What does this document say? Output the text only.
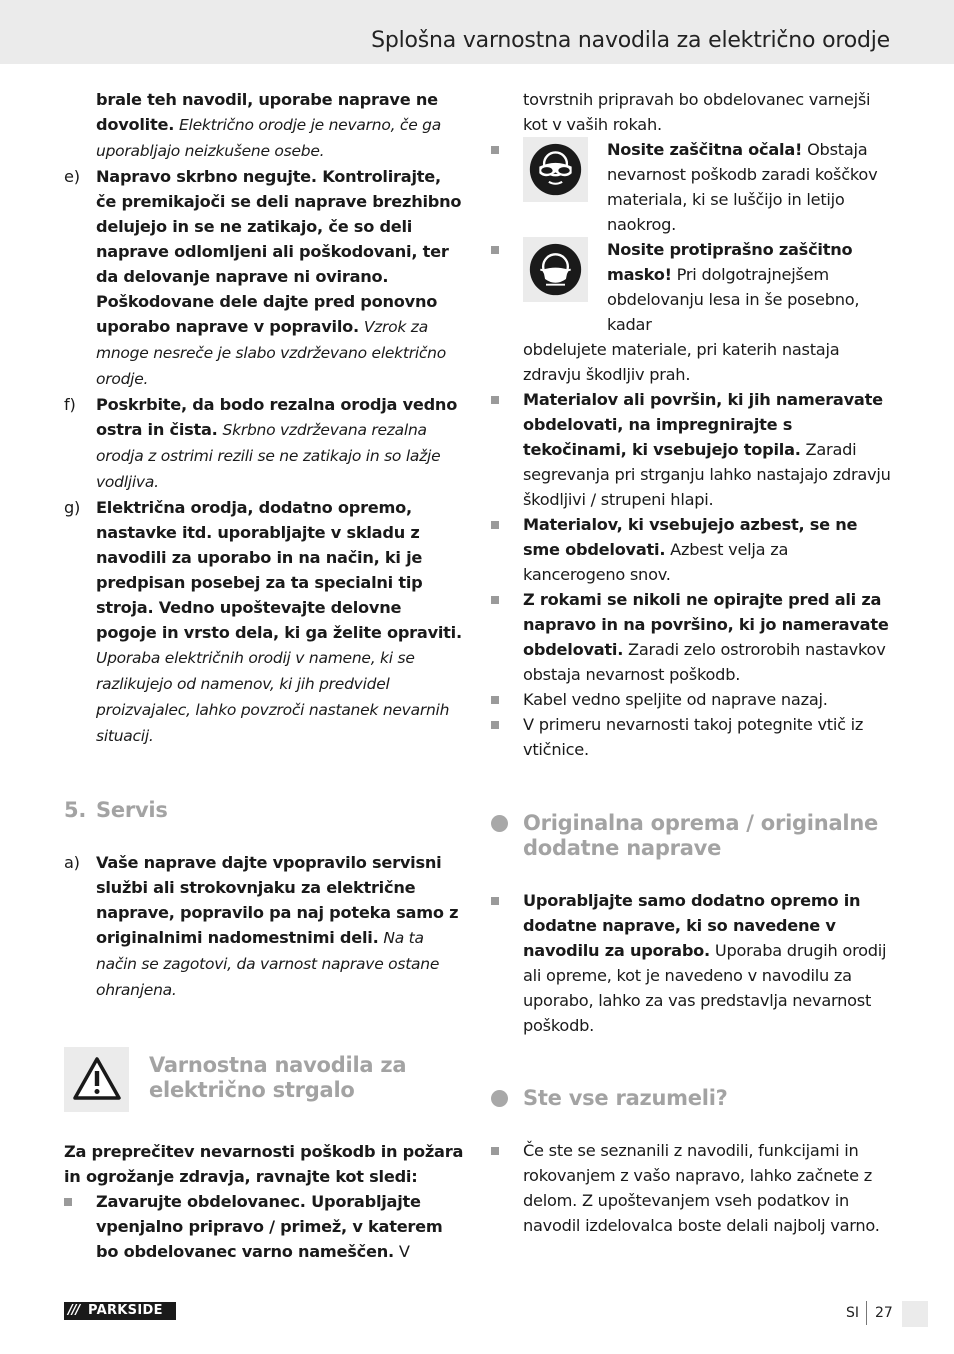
Splošna varnostna navodila za električno orodje
brale teh navodil, uporabe naprave ne dovolite. Električno orodje je nevarno, če ga uporabljajo neizkušene osebe.
e)	Napravo skrbno negujte. Kontrolirajte, če premikajoči se deli naprave brezhibno delujejo in se ne zatikajo, če so deli naprave odlomljeni ali poškodovani, ter da delovanje naprave ni ovirano. Poškodovane dele dajte pred ponovno uporabo naprave v popravilo. Vzrok za mnoge nesreče je slabo vzdrževano električno orodje.
f)	Poskrbite, da bodo rezalna orodja vedno ostra in čista. Skrbno vzdrževana rezalna orodja z ostrimi rezili se ne zatikajo in so lažje vodljiva.
g) Električna orodja, dodatno opremo, nastavke itd. uporabljajte v skladu z navodili za uporabo in na način, ki je predpisan posebej za ta specialni tip stroja. Vedno upoštevajte delovne pogoje in vrsto dela, ki ga želite opraviti. Uporaba električnih orodij v namene, ki se razlikujejo od namenov, ki jih predvidel proizvajalec, lahko povzroči nastanek nevarnih situacij.
5. Servis
a)	Vaše naprave dajte vpopravilo servisni službi ali strokovnjaku za električne naprave, popravilo pa naj poteka samo z originalnimi nadomestnimi deli. Na ta način se zagotovi, da varnost naprave ostane ohranjena.
Varnostna navodila za električno strgalo
Za preprečitev nevarnosti poškodb in požara in ogrožanje zdravja, ravnajte kot sledi:
Zavarujte obdelovanec. Uporabljajte vpenjalno pripravo / primež, v katerem bo obdelovanec varno nameščen. V
tovrstnih pripravah bo obdelovanec varnejši kot v vaših rokah.
Nosite zaščitna očala! Obstaja nevarnost poškodb zaradi koščkov materiala, ki se luščijo in letijo naokrog.
Nosite protiprašno zaščitno masko! Pri dolgotrajnejšem obdelovanju lesa in še posebno, kadar
obdelujete materiale, pri katerih nastaja zdravju škodljiv prah.
Materialov ali površin, ki jih nameravate obdelovati, na impregnirajte s tekočinami, ki vsebujejo topila. Zaradi segrevanja pri strganju lahko nastajajo zdravju škodljivi / strupeni hlapi.
Materialov, ki vsebujejo azbest, se ne sme obdelovati. Azbest velja za kancerogeno snov.
Z rokami se nikoli ne opirajte pred ali za napravo in na površino, ki jo nameravate obdelovati. Zaradi zelo ostrorobih nastavkov obstaja nevarnost poškodb.
Kabel vedno speljite od naprave nazaj.
V primeru nevarnosti takoj potegnite vtič iz vtičnice.
Originalna oprema / originalne dodatne naprave
Uporabljajte samo dodatno opremo in dodatne naprave, ki so navedene v navodilu za uporabo. Uporaba drugih orodij ali opreme, kot je navedeno v navodilu za uporabo, lahko za vas predstavlja nevarnost poškodb.
Ste vse razumeli?
Če ste se seznanili z navodili, funkcijami in rokovanjem z vašo napravo, lahko začnete z delom. Z upoštevanjem vseh podatkov in navodil izdelovalca boste delali najbolj varno.
/// PARKSIDE	SI 27
